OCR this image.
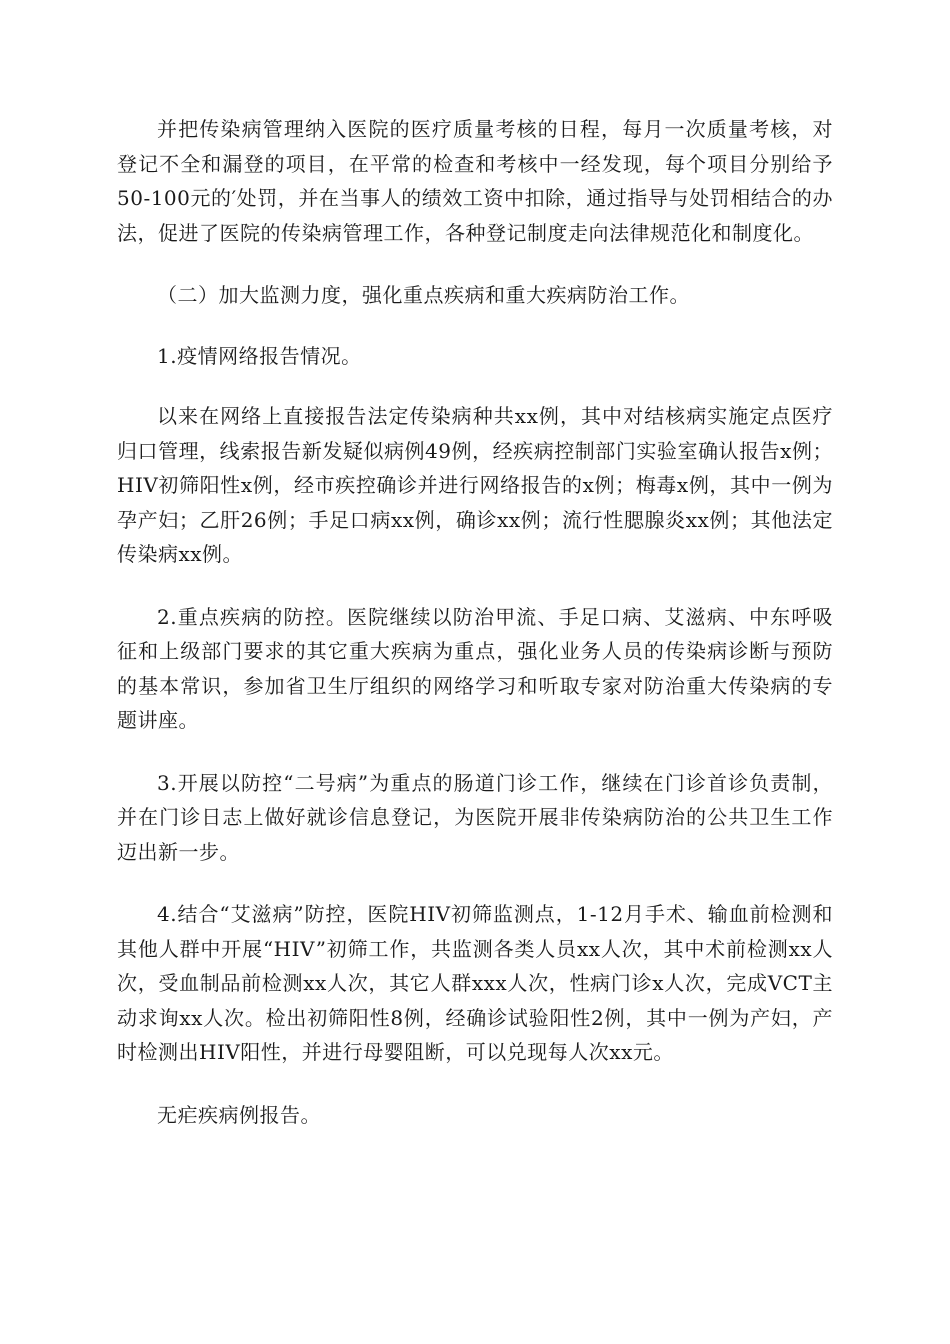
并把传染病管理纳入医院的医疗质量考核的日程，每月一次质量考核，对登记不全和漏登的项目，在平常的检查和考核中一经发现，每个项目分别给予50-100元的′处罚，并在当事人的绩效工资中扣除，通过指导与处罚相结合的办法，促进了医院的传染病管理工作，各种登记制度走向法律规范化和制度化。

（二）加大监测力度，强化重点疾病和重大疾病防治工作。

1.疫情网络报告情况。

以来在网络上直接报告法定传染病种共xx例，其中对结核病实施定点医疗归口管理，线索报告新发疑似病例49例，经疾病控制部门实验室确认报告x例；HIV初筛阳性x例，经市疾控确诊并进行网络报告的x例；梅毒x例，其中一例为孕产妇；乙肝26例；手足口病xx例，确诊xx例；流行性腮腺炎xx例；其他法定传染病xx例。

2.重点疾病的防控。医院继续以防治甲流、手足口病、艾滋病、中东呼吸征和上级部门要求的其它重大疾病为重点，强化业务人员的传染病诊断与预防的基本常识，参加省卫生厅组织的网络学习和听取专家对防治重大传染病的专题讲座。

3.开展以防控“二号病”为重点的肠道门诊工作，继续在门诊首诊负责制，并在门诊日志上做好就诊信息登记，为医院开展非传染病防治的公共卫生工作迈出新一步。

4.结合“艾滋病”防控，医院HIV初筛监测点，1-12月手术、输血前检测和其他人群中开展“HIV”初筛工作，共监测各类人员xx人次，其中术前检测xx人次，受血制品前检测xx人次，其它人群xxx人次，性病门诊x人次，完成VCT主动求询xx人次。检出初筛阳性8例，经确诊试验阳性2例，其中一例为产妇，产时检测出HIV阳性，并进行母婴阻断，可以兑现每人次xx元。

无疟疾病例报告。
